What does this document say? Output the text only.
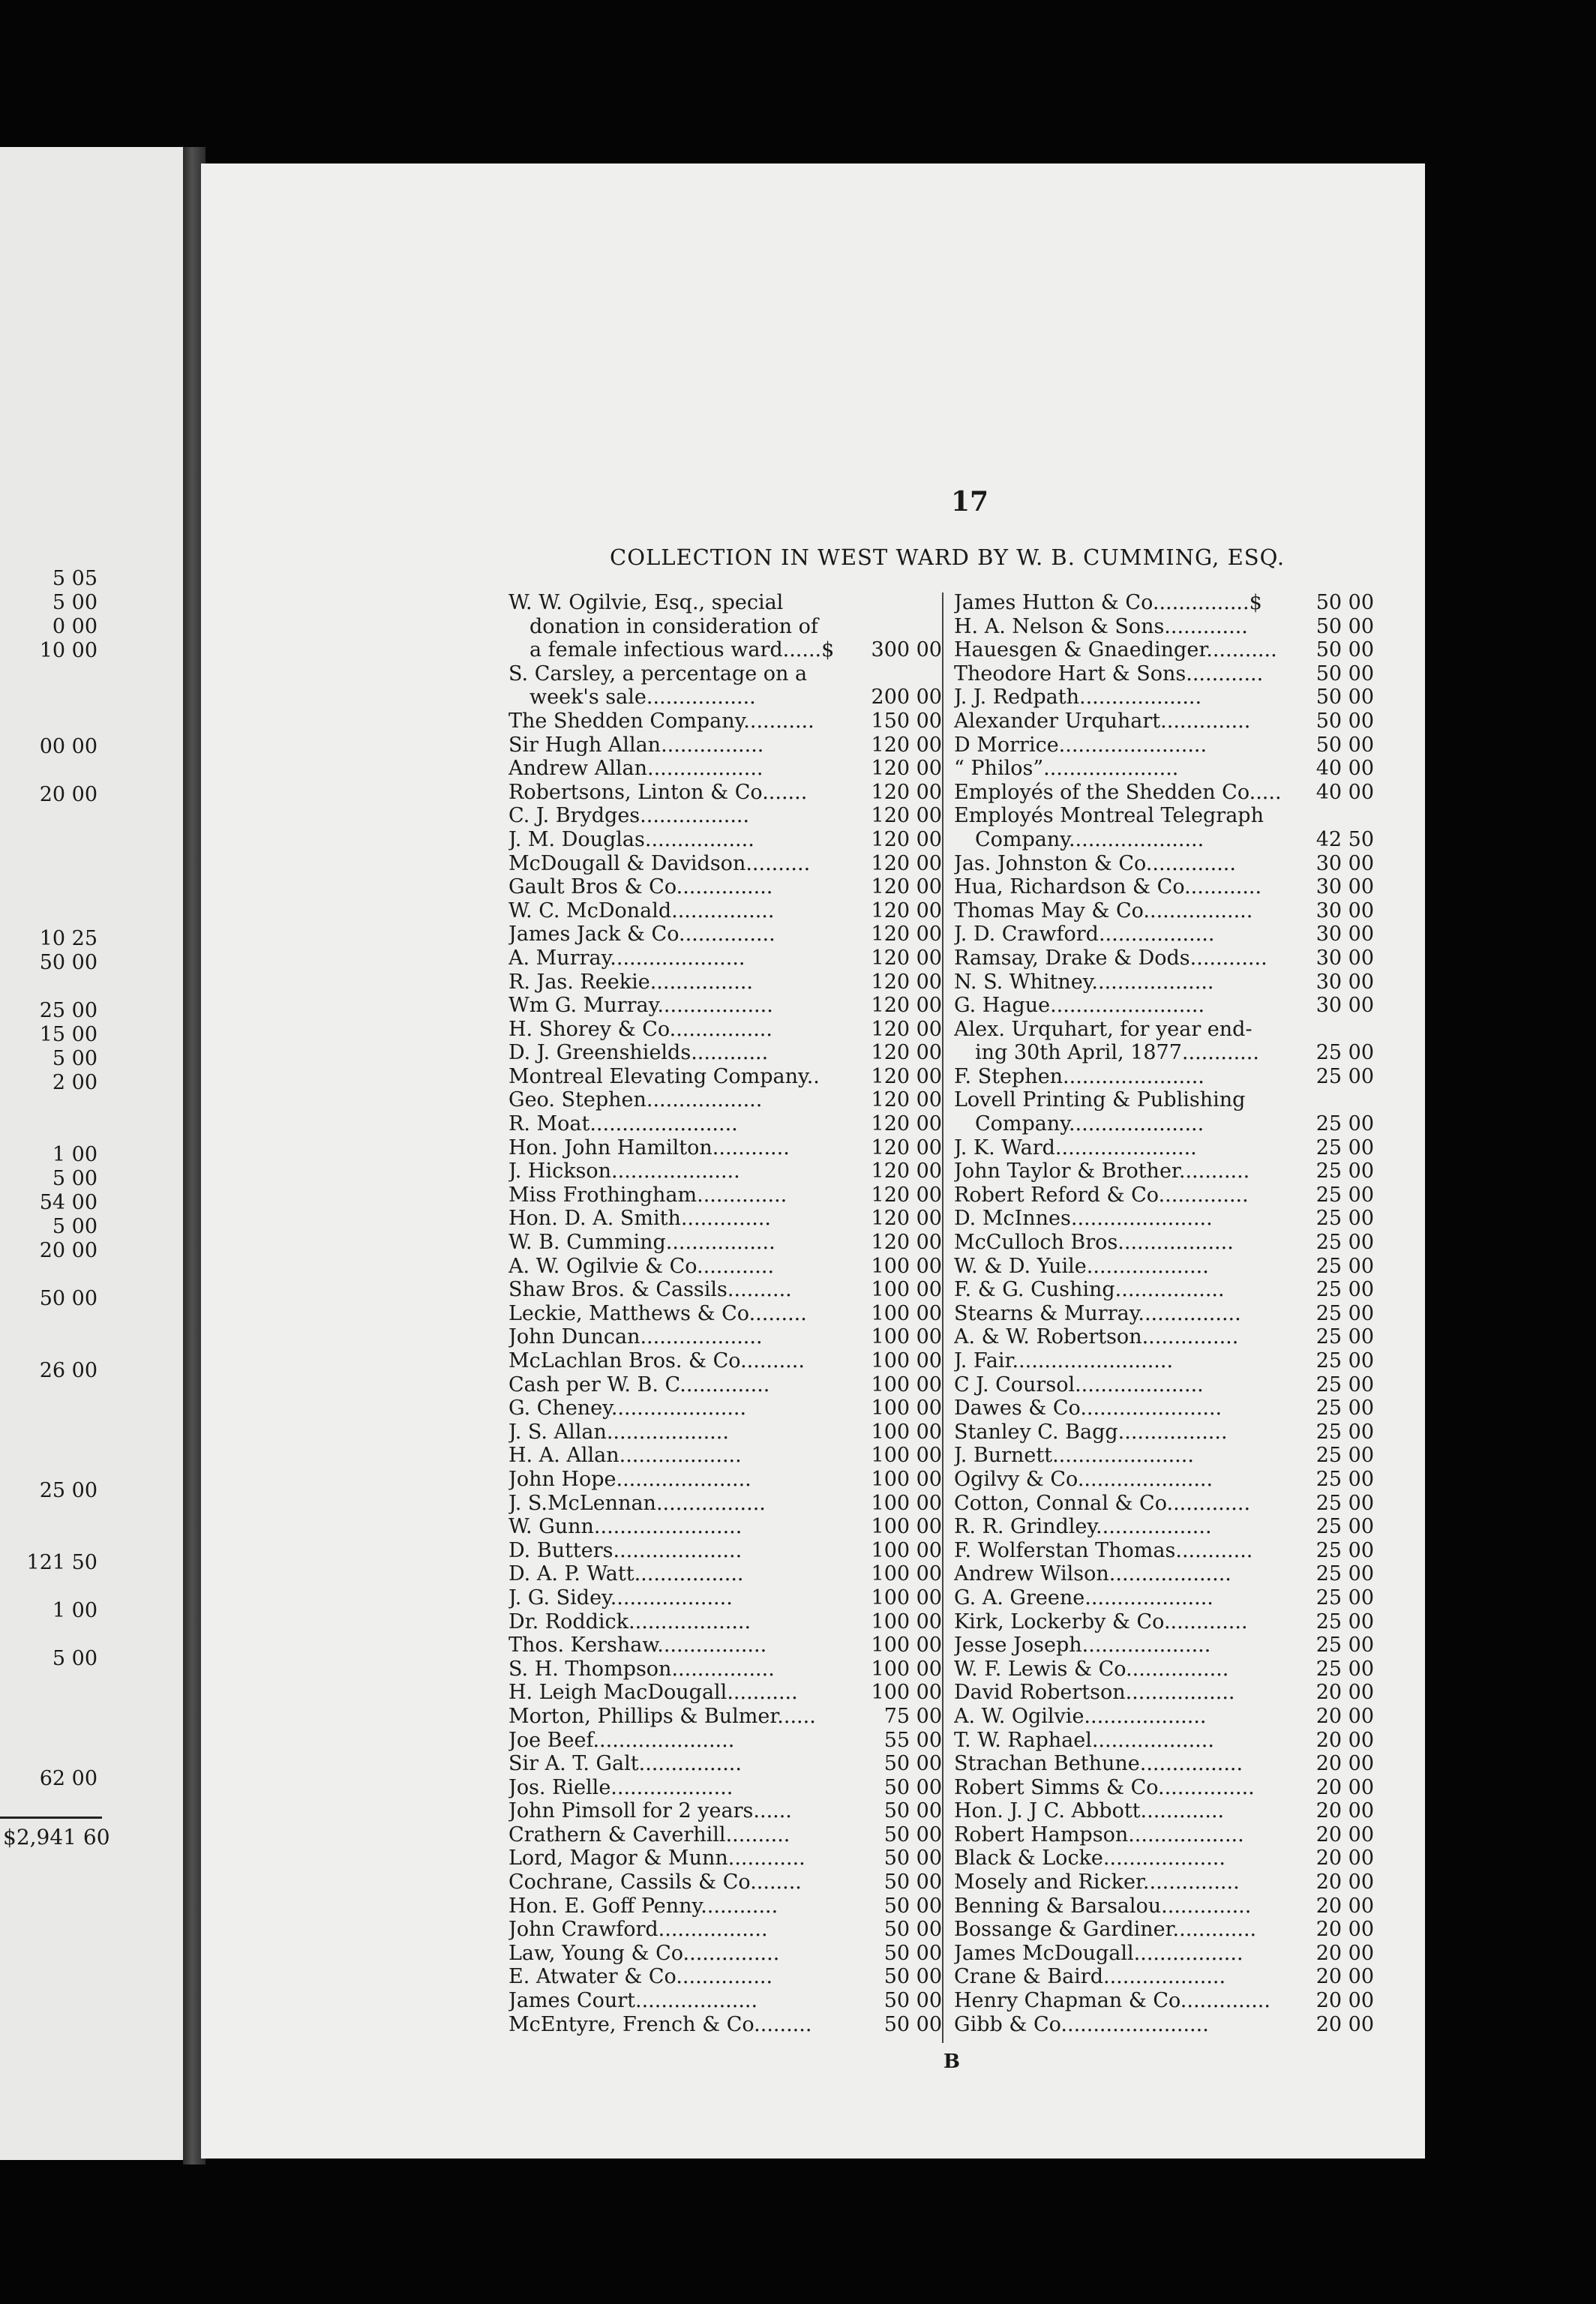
5 05
5 00
0 00
10 00
00 00
20 00
10 25
50 00
25 00
15 00
5 00
2 00
1 00
5 00
54 00
5 00
20 00
50 00
26 00
25 00
121 50
1 00
5 00
62 00
$2,941 60
17
COLLECTION IN WEST WARD BY W. B. CUMMING, ESQ.
W. W. Ogilvie, Esq., special
donation in consideration of
a female infectious ward......$	300 00
S. Carsley, a percentage on a
week's sale.................	200 00
The Shedden Company...........	150 00
Sir Hugh Allan................	120 00
Andrew Allan..................	120 00
Robertsons, Linton & Co.......	120 00
C. J. Brydges.................	120 00
J. M. Douglas.................	120 00
McDougall & Davidson..........	120 00
Gault Bros & Co...............	120 00
W. C. McDonald................	120 00
James Jack & Co...............	120 00
A. Murray.....................	120 00
R. Jas. Reekie................	120 00
Wm G. Murray..................	120 00
H. Shorey & Co................	120 00
D. J. Greenshields............	120 00
Montreal Elevating Company..	120 00
Geo. Stephen..................	120 00
R. Moat.......................	120 00
Hon. John Hamilton............	120 00
J. Hickson....................	120 00
Miss Frothingham..............	120 00
Hon. D. A. Smith..............	120 00
W. B. Cumming.................	120 00
A. W. Ogilvie & Co............	100 00
Shaw Bros. & Cassils..........	100 00
Leckie, Matthews & Co.........	100 00
John Duncan...................	100 00
McLachlan Bros. & Co..........	100 00
Cash per W. B. C..............	100 00
G. Cheney.....................	100 00
J. S. Allan...................	100 00
H. A. Allan...................	100 00
John Hope.....................	100 00
J. S.McLennan.................	100 00
W. Gunn.......................	100 00
D. Butters....................	100 00
D. A. P. Watt.................	100 00
J. G. Sidey...................	100 00
Dr. Roddick...................	100 00
Thos. Kershaw.................	100 00
S. H. Thompson................	100 00
H. Leigh MacDougall...........	100 00
Morton, Phillips & Bulmer......	75 00
Joe Beef......................	55 00
Sir A. T. Galt................	50 00
Jos. Rielle...................	50 00
John Pimsoll for 2 years......	50 00
Crathern & Caverhill..........	50 00
Lord, Magor & Munn............	50 00
Cochrane, Cassils & Co........	50 00
Hon. E. Goff Penny............	50 00
John Crawford.................	50 00
Law, Young & Co...............	50 00
E. Atwater & Co...............	50 00
James Court...................	50 00
McEntyre, French & Co.........	50 00
James Hutton & Co...............$	50 00
H. A. Nelson & Sons.............	50 00
Hauesgen & Gnaedinger...........	50 00
Theodore Hart & Sons............	50 00
J. J. Redpath...................	50 00
Alexander Urquhart..............	50 00
D Morrice.......................	50 00
“ Philos”.....................	40 00
Employés of the Shedden Co.....	40 00
Employés Montreal Telegraph
Company.....................	42 50
Jas. Johnston & Co..............	30 00
Hua, Richardson & Co............	30 00
Thomas May & Co.................	30 00
J. D. Crawford..................	30 00
Ramsay, Drake & Dods............	30 00
N. S. Whitney...................	30 00
G. Hague........................	30 00
Alex. Urquhart, for year end-
ing 30th April, 1877............	25 00
F. Stephen......................	25 00
Lovell Printing & Publishing
Company.....................	25 00
J. K. Ward......................	25 00
John Taylor & Brother...........	25 00
Robert Reford & Co..............	25 00
D. McInnes......................	25 00
McCulloch Bros..................	25 00
W. & D. Yuile...................	25 00
F. & G. Cushing.................	25 00
Stearns & Murray................	25 00
A. & W. Robertson...............	25 00
J. Fair.........................	25 00
C J. Coursol....................	25 00
Dawes & Co......................	25 00
Stanley C. Bagg.................	25 00
J. Burnett......................	25 00
Ogilvy & Co.....................	25 00
Cotton, Connal & Co.............	25 00
R. R. Grindley..................	25 00
F. Wolferstan Thomas............	25 00
Andrew Wilson...................	25 00
G. A. Greene....................	25 00
Kirk, Lockerby & Co.............	25 00
Jesse Joseph....................	25 00
W. F. Lewis & Co................	25 00
David Robertson.................	20 00
A. W. Ogilvie...................	20 00
T. W. Raphael...................	20 00
Strachan Bethune................	20 00
Robert Simms & Co...............	20 00
Hon. J. J C. Abbott.............	20 00
Robert Hampson..................	20 00
Black & Locke...................	20 00
Mosely and Ricker...............	20 00
Benning & Barsalou..............	20 00
Bossange & Gardiner.............	20 00
James McDougall.................	20 00
Crane & Baird...................	20 00
Henry Chapman & Co..............	20 00
Gibb & Co.......................	20 00
B
